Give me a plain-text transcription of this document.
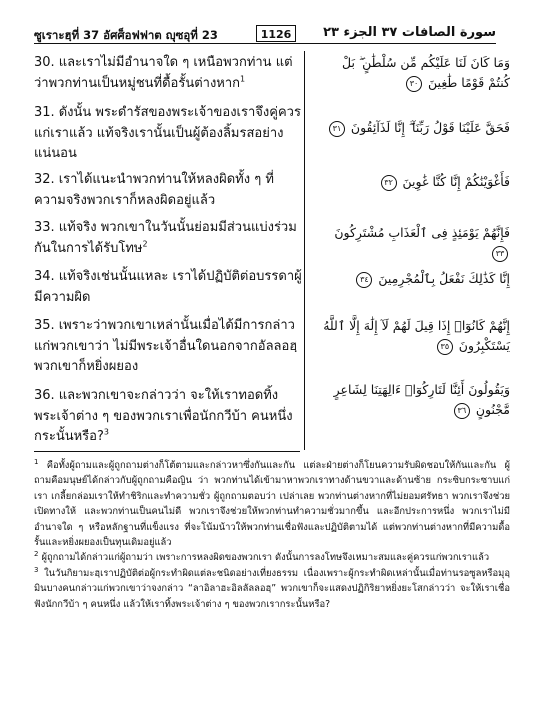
ซูเราะฮฺที่ 37 อัศศ็อฟฟาต ญุซอุที่ 23	1126	سورة الصافات ٣٧ الجزء ٢٣
30. และเราไม่มีอำนาจใด ๆ เหนือพวกท่าน แต่ว่าพวกท่านเป็นหมู่ชนที่ดื้อรั้นต่างหาก$^1$
وَمَا كَانَ لَنَا عَلَيْكُم مِّن سُلْطَٰنٍ ۖ بَلْ كُنتُمْ قَوْمًا طَٰغِينَ ٣٠
31. ดังนั้น พระดำรัสของพระเจ้าของเราจึงคู่ควรแก่เราแล้ว แท้จริงเรานั้นเป็นผู้ต้องลิ้มรสอย่างแน่นอน
فَحَقَّ عَلَيْنَا قَوْلُ رَبِّنَآ ۖ إِنَّا لَذَآئِقُونَ ٣١
32. เราได้แนะนำพวกท่านให้หลงผิดทั้ง ๆ ที่ความจริงพวกเราก็หลงผิดอยู่แล้ว
فَأَغْوَيْنَٰكُمْ إِنَّا كُنَّا غَٰوِينَ ٣٢
33. แท้จริง พวกเขาในวันนั้นย่อมมีส่วนแบ่งร่วมกันในการได้รับโทษ$^2$
فَإِنَّهُمْ يَوْمَئِذٍ فِى ٱلْعَذَابِ مُشْتَرِكُونَ ٣٣
34. แท้จริงเช่นนั้นแหละ เราได้ปฏิบัติต่อบรรดาผู้มีความผิด
إِنَّا كَذَٰلِكَ نَفْعَلُ بِٱلْمُجْرِمِينَ ٣٤
35. เพราะว่าพวกเขาเหล่านั้นเมื่อได้มีการกล่าวแก่พวกเขาว่า ไม่มีพระเจ้าอื่นใดนอกจากอัลลอฮฺ พวกเขาก็หยิ่งผยอง
إِنَّهُمْ كَانُوٓا۟ إِذَا قِيلَ لَهُمْ لَآ إِلَٰهَ إِلَّا ٱللَّهُ يَسْتَكْبِرُونَ ٣٥
36. และพวกเขาจะกล่าวว่า จะให้เราทอดทิ้งพระเจ้าต่าง ๆ ของพวกเราเพื่อนักกวีบ้า คนหนึ่งกระนั้นหรือ?$^3$
وَيَقُولُونَ أَئِنَّا لَتَارِكُوٓا۟ ءَالِهَتِنَا لِشَاعِرٍ مَّجْنُونٍ ٣٦

$^1$ คือทั้งผู้ถามและผู้ถูกถามต่างก็โต้ตามและกล่าวหาซึ่งกันและกัน แต่ละฝ่ายต่างก็โยนความรับผิดชอบให้กันและกัน ผู้ถามคือมนุษย์ได้กล่าวกับผู้ถูกถามคือญิน ว่า พวกท่านได้เข้ามาหาพวกเราทางด้านขวาและด้านซ้าย กระซิบกระซาบแก่เรา เกลี้ยกล่อมเราให้ทำชิริกและทำความชั่ว ผู้ถูกถามตอบว่า เปล่าเลย พวกท่านต่างหากที่ไม่ยอมศรัทธา พวกเราจึงช่วยเปิดทางให้ และพวกท่านเป็นคนไม่ดี พวกเราจึงช่วยให้พวกท่านทำความชั่วมากขึ้น และอีกประการหนึ่ง พวกเราไม่มีอำนาจใด ๆ หรือหลักฐานที่แข็งแรง ที่จะโน้มน้าวให้พวกท่านเชื่อฟังและปฏิบัติตามได้ แต่พวกท่านต่างหากที่มีความดื้อรั้นและหยิ่งผยองเป็นทุนเดิมอยู่แล้ว

$^2$ ผู้ถูกถามได้กล่าวแก่ผู้ถามว่า เพราะการหลงผิดของพวกเรา ดังนั้นการลงโทษจึงเหมาะสมและคู่ควรแก่พวกเราแล้ว

$^3$ ในวันกิยามะฮฺเราปฏิบัติต่อผู้กระทำผิดแต่ละชนิดอย่างเที่ยงธรรม เนื่องเพราะผู้กระทำผิดเหล่านั้นเมื่อท่านรอซูลหรือมุอฺมินบางคนกล่าวแก่พวกเขาว่าจงกล่าว “ลาอิลาฮะอิลลัลลอฮฺ” พวกเขาก็จะแสดงปฏิกิริยาหยิ่งยะโสกล่าวว่า จะให้เราเชื่อฟังนักกวีบ้า ๆ คนหนึ่ง แล้วให้เราทิ้งพระเจ้าต่าง ๆ ของพวกเรากระนั้นหรือ?
